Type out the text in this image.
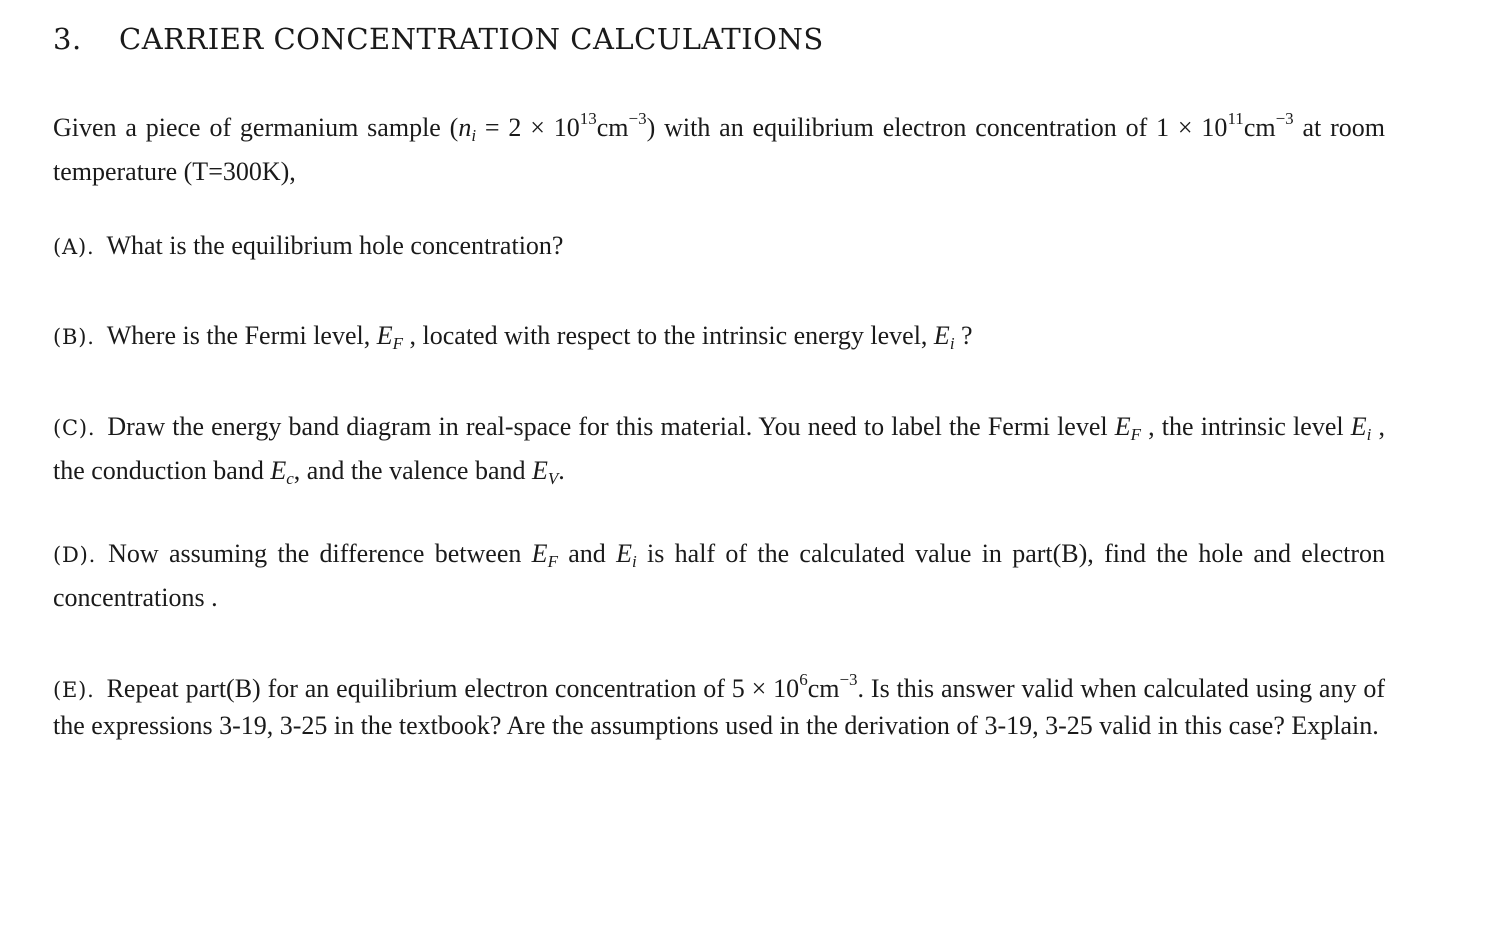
3. CARRIER CONCENTRATION CALCULATIONS
Given a piece of germanium sample $(n_i = 2 \times 10^{13}cm^{-3})$ with an equilibrium electron concentration of $1 \times 10^{11}cm^{-3}$ at room temperature (T=300K),
(A). What is the equilibrium hole concentration?
(B). Where is the Fermi level, $E_F$ , located with respect to the intrinsic energy level, $E_i$ ?
(C). Draw the energy band diagram in real-space for this material. You need to label the Fermi level $E_F$ , the intrinsic level $E_i$ , the conduction band $E_c$, and the valence band $E_V$.
(D). Now assuming the difference between $E_F$ and $E_i$ is half of the calculated value in part(B), find the hole and electron concentrations .
(E). Repeat part(B) for an equilibrium electron concentration of $5 \times 10^6cm^{-3}$. Is this answer valid when calculated using any of the expressions 3-19, 3-25 in the textbook? Are the assumptions used in the derivation of 3-19, 3-25 valid in this case? Explain.
